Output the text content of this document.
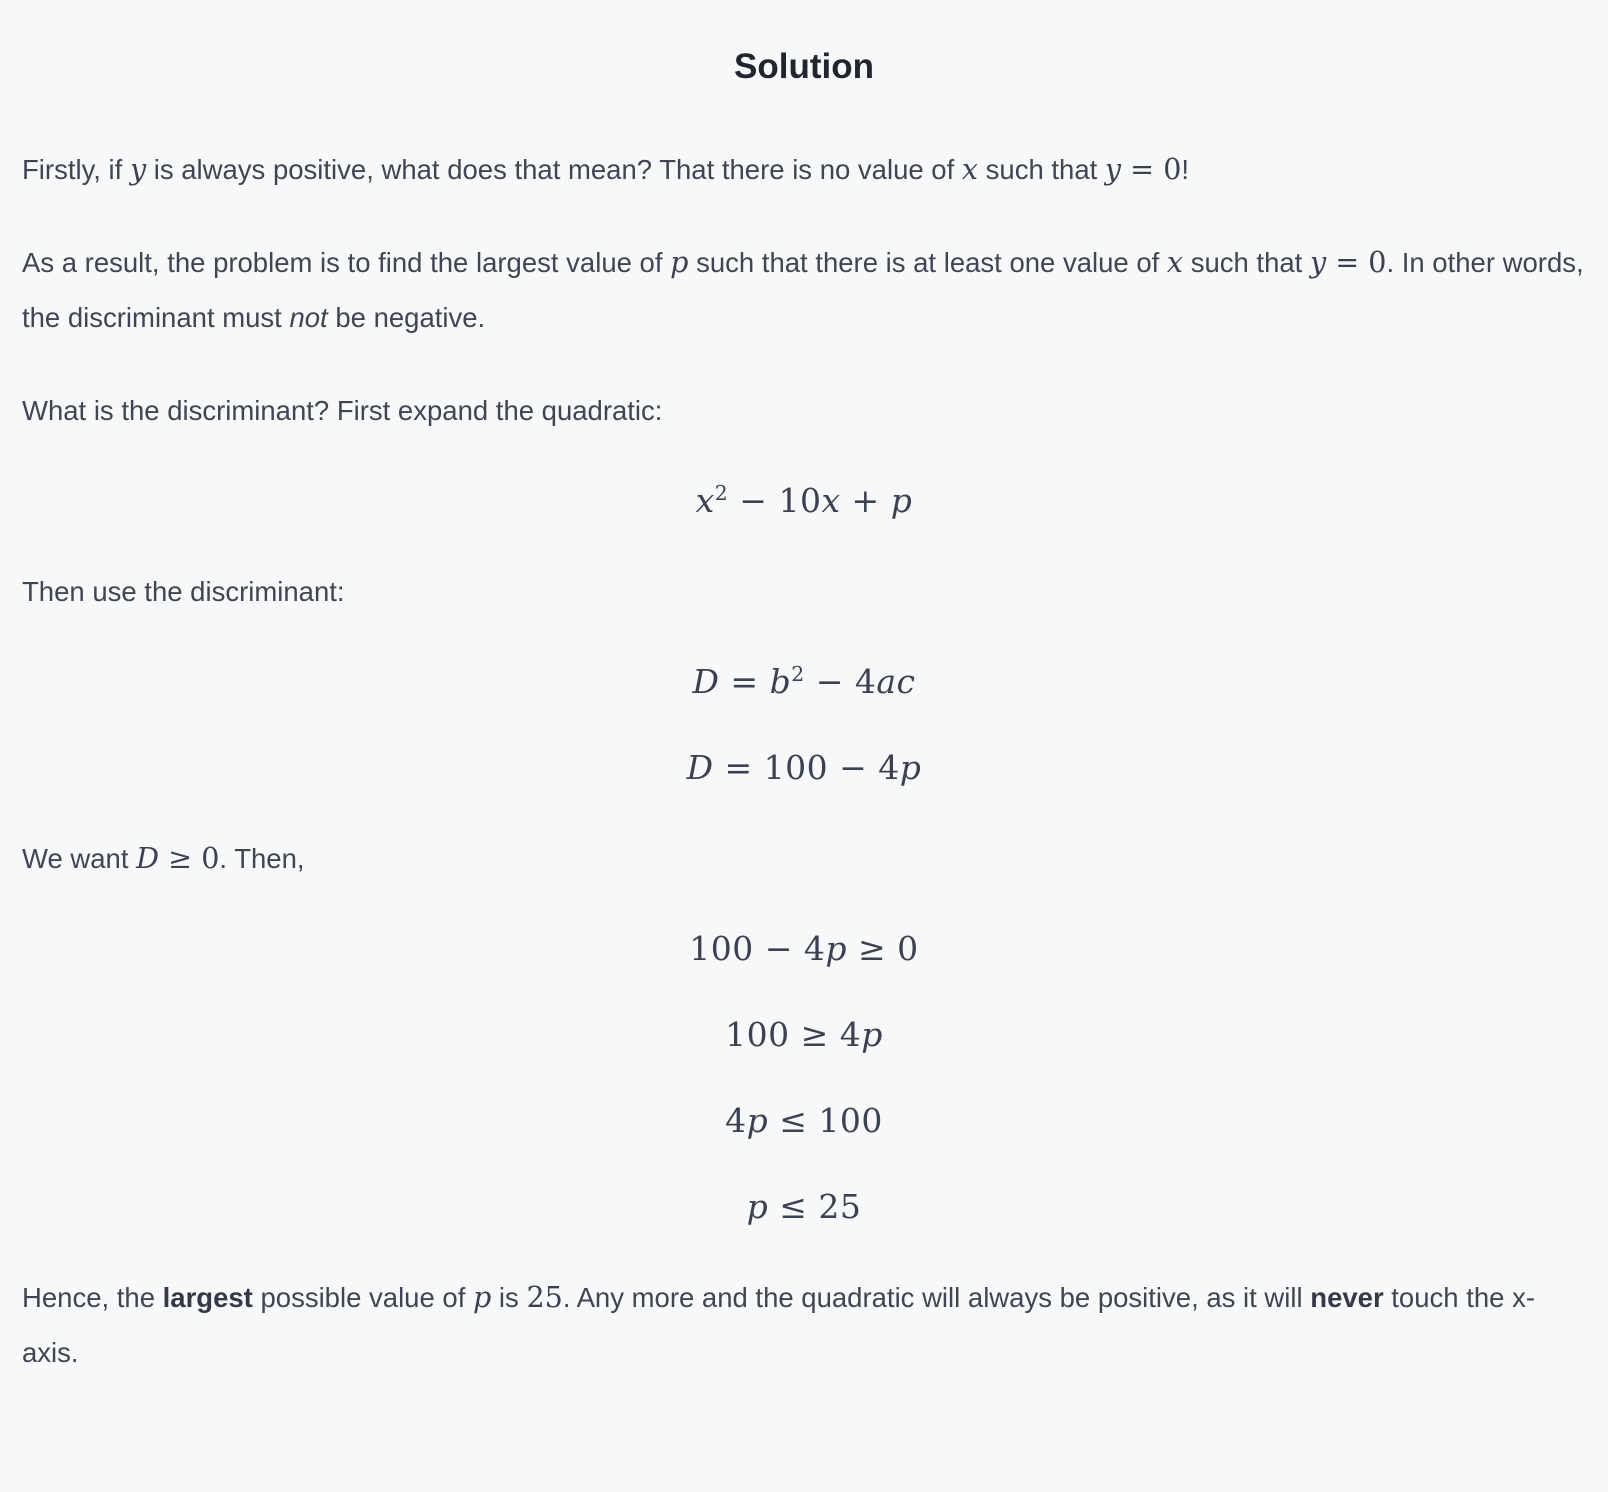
Solution

Firstly, if y is always positive, what does that mean? That there is no value of x such that y = 0!

As a result, the problem is to find the largest value of p such that there is at least one value of x such that y = 0. In other words, the discriminant must not be negative.

What is the discriminant? First expand the quadratic:

$x^2 - 10x + p$

Then use the discriminant:

$D = b^2 - 4ac$
D = 100 − 4p

We want D ≥ 0. Then,

100 − 4p ≥ 0
100 ≥ 4p
4p ≤ 100
p ≤ 25

Hence, the largest possible value of p is 25. Any more and the quadratic will always be positive, as it will never touch the x-axis.
